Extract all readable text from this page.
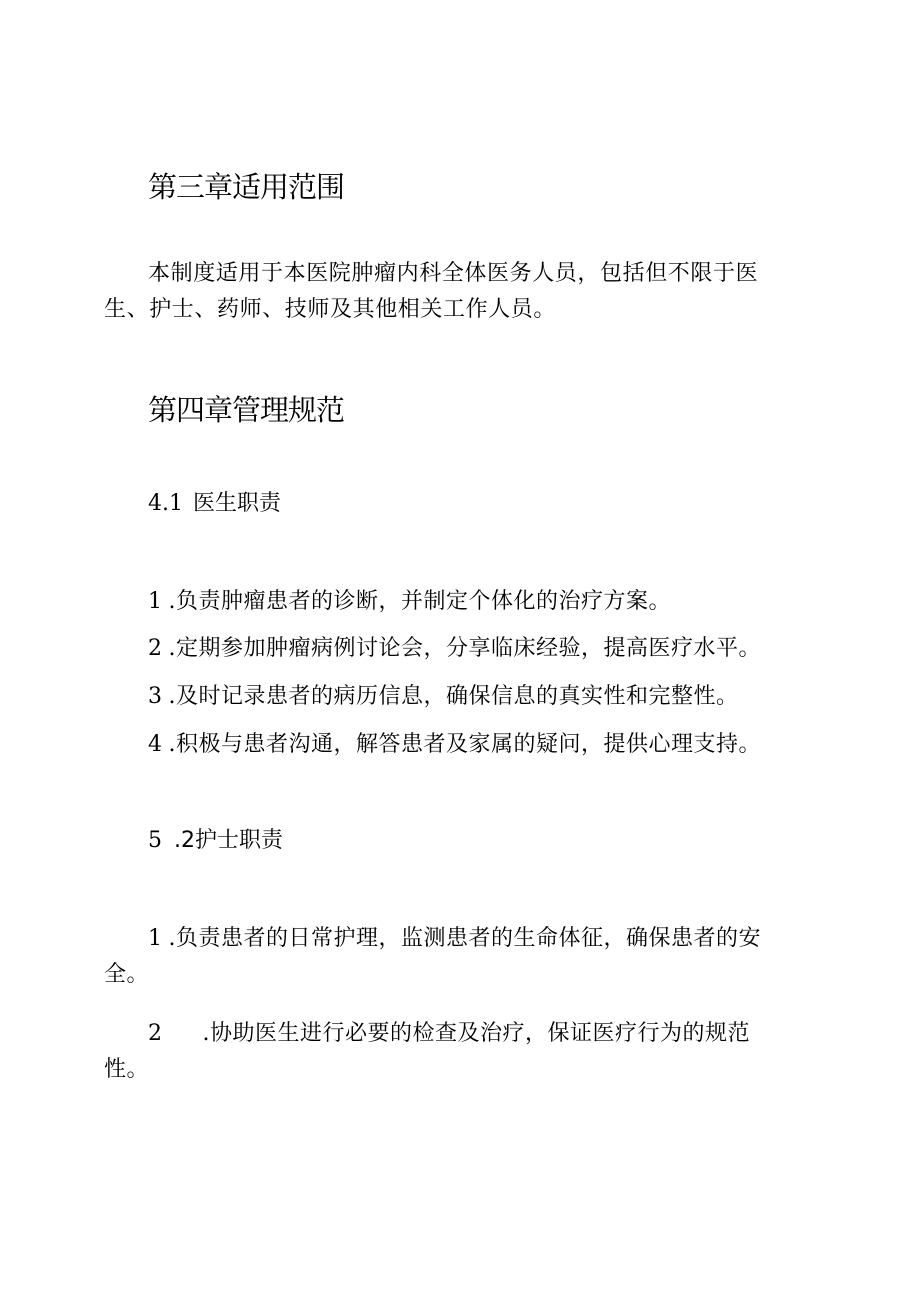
第三章适用范围

本制度适用于本医院肿瘤内科全体医务人员，包括但不限于医生、护士、药师、技师及其他相关工作人员。

第四章管理规范
4.1 医生职责

1 .负责肿瘤患者的诊断，并制定个体化的治疗方案。

2 .定期参加肿瘤病例讨论会，分享临床经验，提高医疗水平。

3 .及时记录患者的病历信息，确保信息的真实性和完整性。

4 .积极与患者沟通，解答患者及家属的疑问，提供心理支持。

5 .2护士职责

1 .负责患者的日常护理，监测患者的生命体征，确保患者的安全。

2 .协助医生进行必要的检查及治疗，保证医疗行为的规范性。
